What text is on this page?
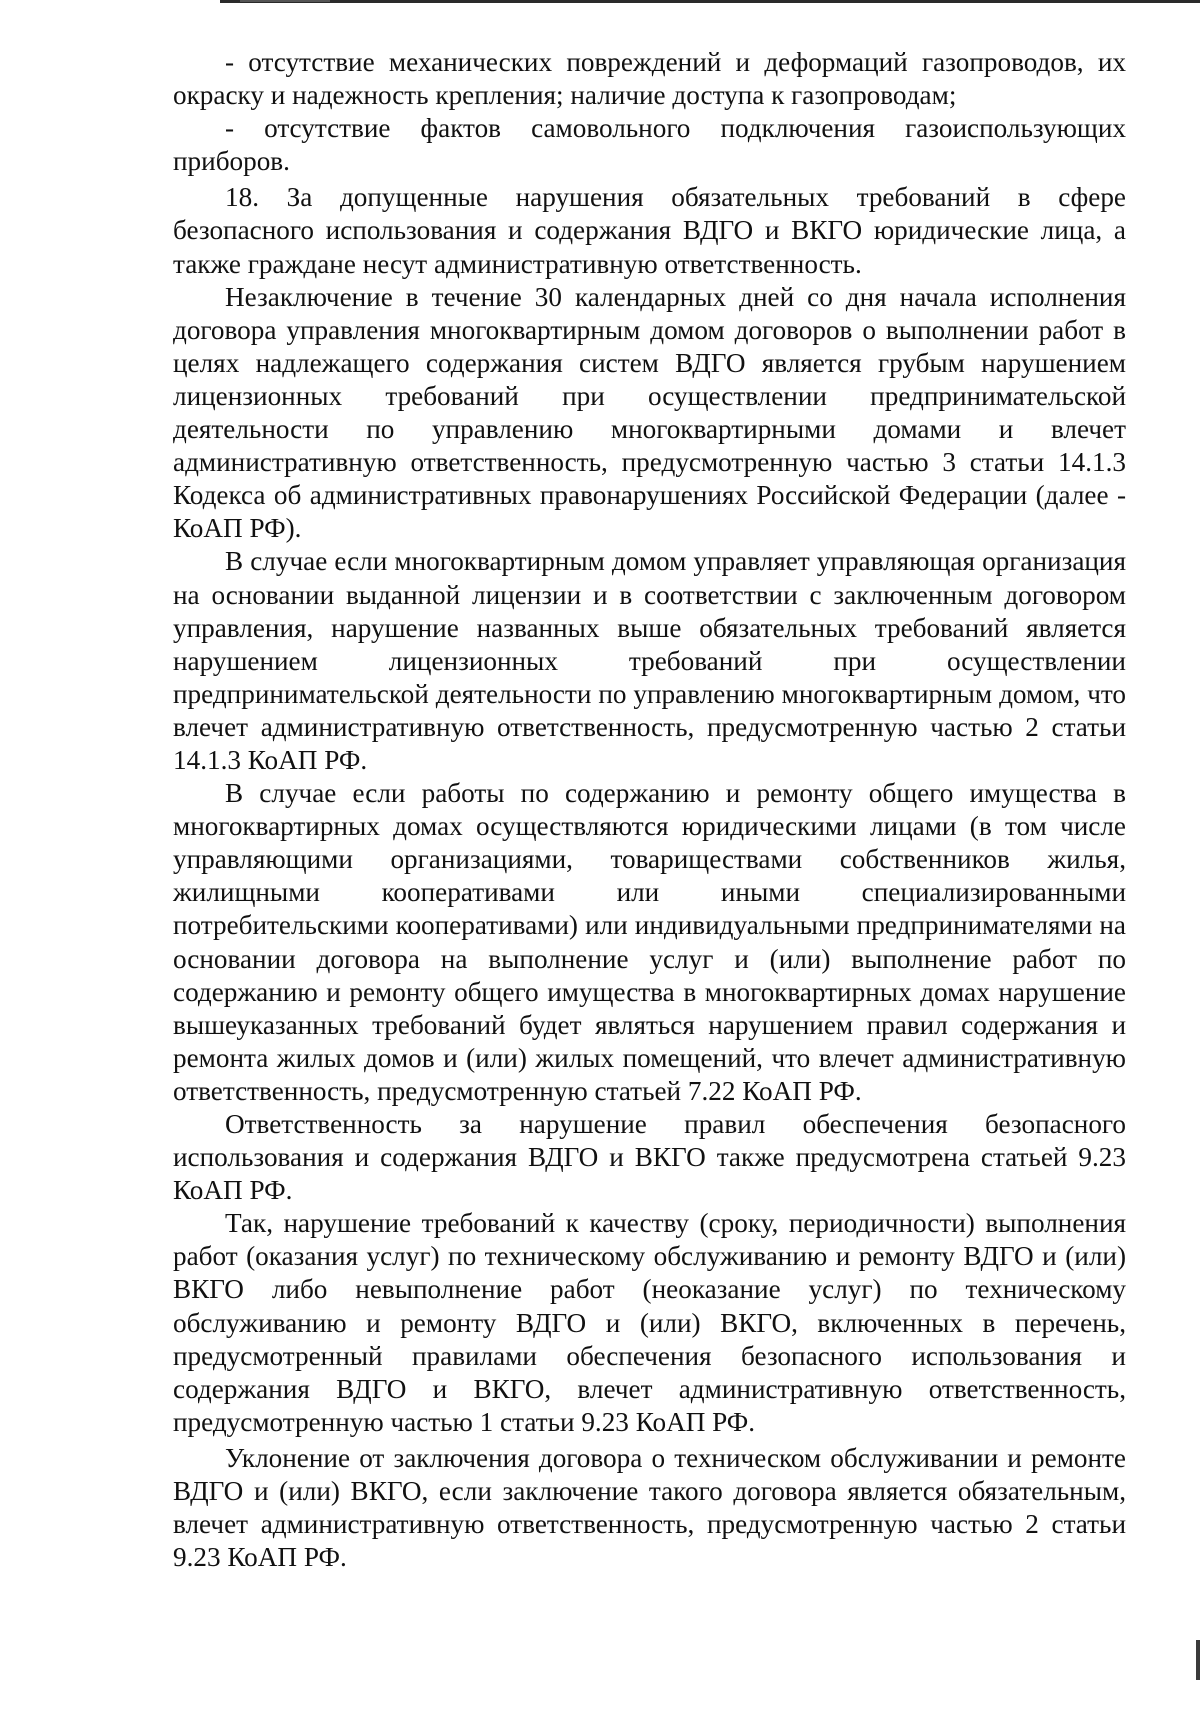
- отсутствие механических повреждений и деформаций газопроводов, их окраску и надежность крепления; наличие доступа к газопроводам;

- отсутствие фактов самовольного подключения газоиспользующих приборов.

18. За допущенные нарушения обязательных требований в сфере безопасного использования и содержания ВДГО и ВКГО юридические лица, а также граждане несут административную ответственность.

Незаключение в течение 30 календарных дней со дня начала исполнения договора управления многоквартирным домом договоров о выполнении работ в целях надлежащего содержания систем ВДГО является грубым нарушением лицензионных требований при осуществлении предпринимательской деятельности по управлению многоквартирными домами и влечет административную ответственность, предусмотренную частью 3 статьи 14.1.3 Кодекса об административных правонарушениях Российской Федерации (далее - КоАП РФ).

В случае если многоквартирным домом управляет управляющая организация на основании выданной лицензии и в соответствии с заключенным договором управления, нарушение названных выше обязательных требований является нарушением лицензионных требований при осуществлении предпринимательской деятельности по управлению многоквартирным домом, что влечет административную ответственность, предусмотренную частью 2 статьи 14.1.3 КоАП РФ.

В случае если работы по содержанию и ремонту общего имущества в многоквартирных домах осуществляются юридическими лицами (в том числе управляющими организациями, товариществами собственников жилья, жилищными кооперативами или иными специализированными потребительскими кооперативами) или индивидуальными предпринимателями на основании договора на выполнение услуг и (или) выполнение работ по содержанию и ремонту общего имущества в многоквартирных домах нарушение вышеуказанных требований будет являться нарушением правил содержания и ремонта жилых домов и (или) жилых помещений, что влечет административную ответственность, предусмотренную статьей 7.22 КоАП РФ.

Ответственность за нарушение правил обеспечения безопасного использования и содержания ВДГО и ВКГО также предусмотрена статьей 9.23 КоАП РФ.

Так, нарушение требований к качеству (сроку, периодичности) выполнения работ (оказания услуг) по техническому обслуживанию и ремонту ВДГО и (или) ВКГО либо невыполнение работ (неоказание услуг) по техническому обслуживанию и ремонту ВДГО и (или) ВКГО, включенных в перечень, предусмотренный правилами обеспечения безопасного использования и содержания ВДГО и ВКГО, влечет административную ответственность, предусмотренную частью 1 статьи 9.23 КоАП РФ.

Уклонение от заключения договора о техническом обслуживании и ремонте ВДГО и (или) ВКГО, если заключение такого договора является обязательным, влечет административную ответственность, предусмотренную частью 2 статьи 9.23 КоАП РФ.
